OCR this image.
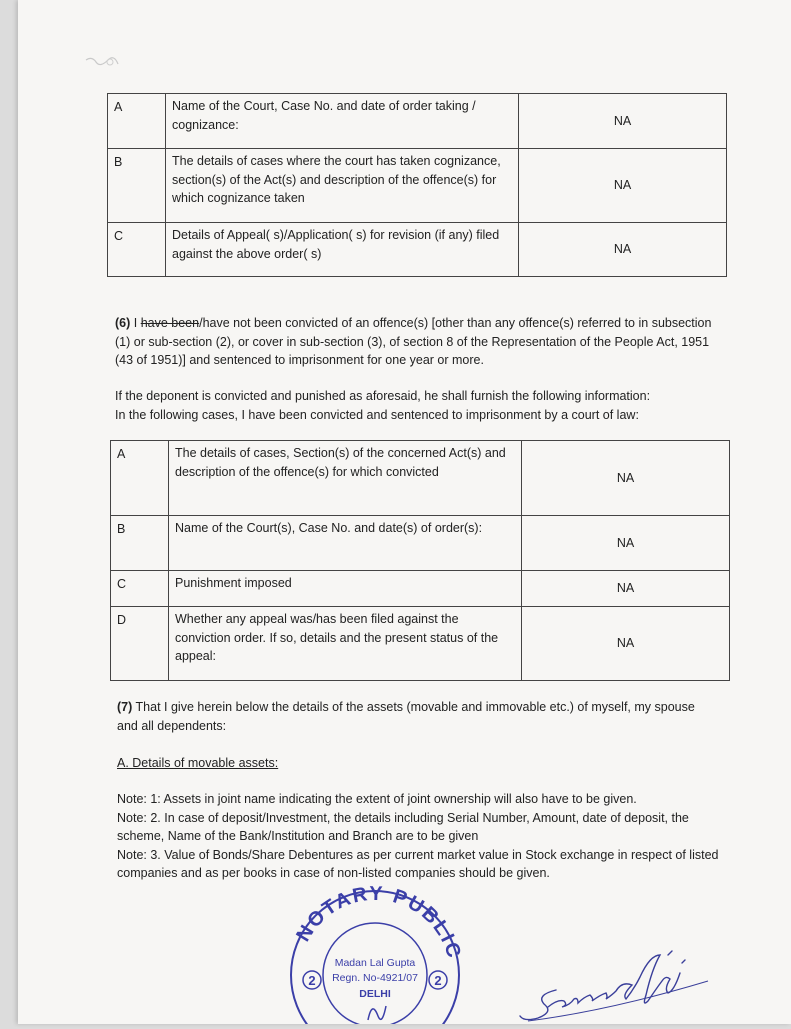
A	Name of the Court, Case No. and date of order taking / cognizance:	NA
B	The details of cases where the court has taken cognizance, section(s) of the Act(s) and description of the offence(s) for which cognizance taken	NA
C	Details of Appeal( s)/Application( s) for revision (if any) filed against the above order( s)	NA

(6) I have been/have not been convicted of an offence(s) [other than any offence(s) referred to in subsection (1) or sub-section (2), or cover in sub-section (3), of section 8 of the Representation of the People Act, 1951 (43 of 1951)] and sentenced to imprisonment for one year or more.

If the deponent is convicted and punished as aforesaid, he shall furnish the following information:
In the following cases, I have been convicted and sentenced to imprisonment by a court of law:

A	The details of cases, Section(s) of the concerned Act(s) and description of the offence(s) for which convicted	NA
B	Name of the Court(s), Case No. and date(s) of order(s):	NA
C	Punishment imposed	NA
D	Whether any appeal was/has been filed against the conviction order. If so, details and the present status of the appeal:	NA

(7) That I give herein below the details of the assets (movable and immovable etc.) of myself, my spouse and all dependents:

A. Details of movable assets:

Note: 1: Assets in joint name indicating the extent of joint ownership will also have to be given.
Note: 2. In case of deposit/Investment, the details including Serial Number, Amount, date of deposit, the scheme, Name of the Bank/Institution and Branch are to be given
Note: 3. Value of Bonds/Share Debentures as per current market value in Stock exchange in respect of listed companies and as per books in case of non-listed companies should be given.

NOTARY PUBLIC
Madan Lal Gupta
Regn. No-4921/07
DELHI
2	2
